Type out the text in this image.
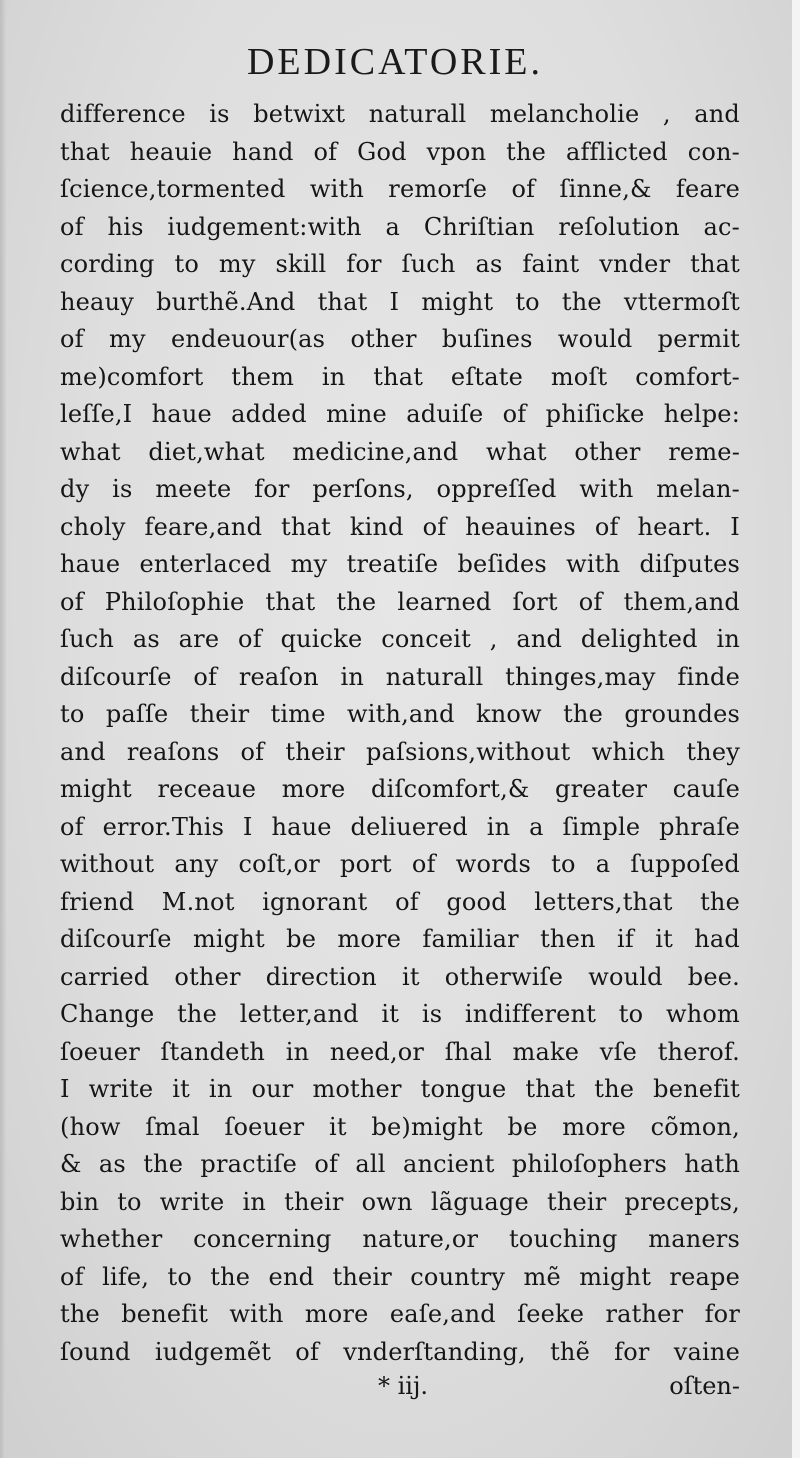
DEDICATORIE.
difference is betwixt naturall melancholie , and
that heauie hand of God vpon the afflicted con-
ſcience,tormented with remorſe of ſinne,& feare
of his iudgement:with a Chriſtian reſolution ac-
cording to my skill for ſuch as faint vnder that
heauy burthẽ.And that I might to the vttermoſt
of my endeuour(as other buſines would permit
me)comfort them in that eſtate moſt comfort-
leſſe,I haue added mine aduiſe of phiſicke helpe:
what diet,what medicine,and what other reme-
dy is meete for perſons, oppreſſed with melan-
choly feare,and that kind of heauines of heart. I
haue enterlaced my treatiſe beſides with diſputes
of Philoſophie that the learned ſort of them,and
ſuch as are of quicke conceit , and delighted in
diſcourſe of reaſon in naturall thinges,may finde
to paſſe their time with,and know the groundes
and reaſons of their paſsions,without which they
might receaue more diſcomfort,& greater cauſe
of error.This I haue deliuered in a ſimple phraſe
without any coſt,or port of words to a ſuppoſed
friend M.not ignorant of good letters,that the
diſcourſe might be more familiar then if it had
carried other direction it otherwiſe would bee.
Change the letter,and it is indifferent to whom
ſoeuer ſtandeth in need,or ſhal make vſe therof.
I write it in our mother tongue that the benefit
(how ſmal ſoeuer it be)might be more cõmon,
& as the practiſe of all ancient philoſophers hath
bin to write in their own lãguage their precepts,
whether concerning nature,or touching maners
of life, to the end their country mẽ might reape
the benefit with more eaſe,and ſeeke rather for
ſound iudgemẽt of vnderſtanding, thẽ for vaine
* iij.	oſten-
